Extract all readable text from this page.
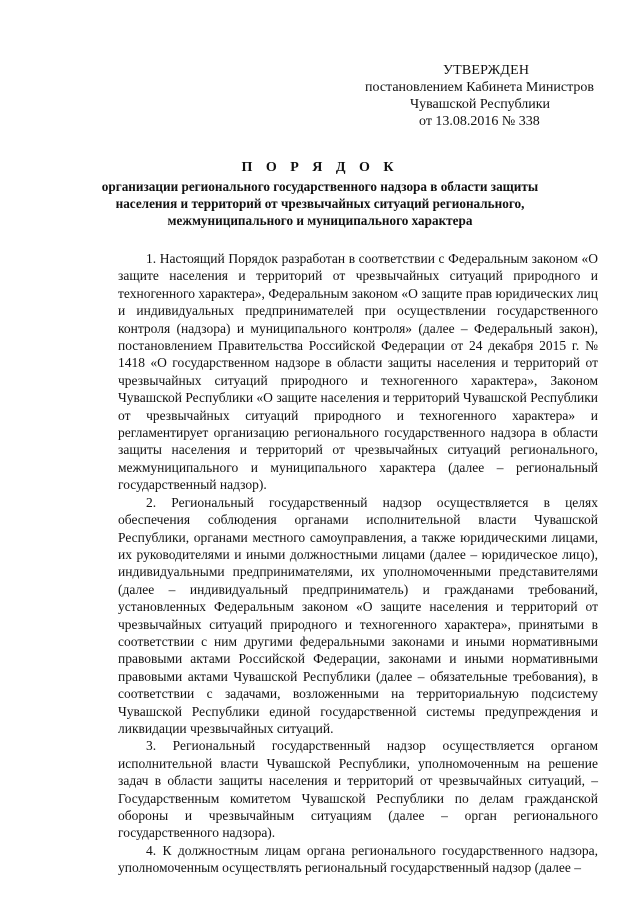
УТВЕРЖДЕН
постановлением Кабинета Министров
Чувашской Республики
от 13.08.2016 № 338
П О Р Я Д О К
организации регионального государственного надзора в области защиты населения и территорий от чрезвычайных ситуаций регионального, межмуниципального и муниципального характера

1. Настоящий Порядок разработан в соответствии с Федеральным законом «О защите населения и территорий от чрезвычайных ситуаций природного и техногенного характера», Федеральным законом «О защите прав юридических лиц и индивидуальных предпринимателей при осуществлении государственного контроля (надзора) и муниципального контроля» (далее – Федеральный закон), постановлением Правительства Российской Федерации от 24 декабря 2015 г. № 1418 «О государственном надзоре в области защиты населения и территорий от чрезвычайных ситуаций природного и техногенного характера», Законом Чувашской Республики «О защите населения и территорий Чувашской Республики от чрезвычайных ситуаций природного и техногенного характера» и регламентирует организацию регионального государственного надзора в области защиты населения и территорий от чрезвычайных ситуаций регионального, межмуниципального и муниципального характера (далее – региональный государственный надзор).

2. Региональный государственный надзор осуществляется в целях обеспечения соблюдения органами исполнительной власти Чувашской Республики, органами местного самоуправления, а также юридическими лицами, их руководителями и иными должностными лицами (далее – юридическое лицо), индивидуальными предпринимателями, их уполномоченными представителями (далее – индивидуальный предприниматель) и гражданами требований, установленных Федеральным законом «О защите населения и территорий от чрезвычайных ситуаций природного и техногенного характера», принятыми в соответствии с ним другими федеральными законами и иными нормативными правовыми актами Российской Федерации, законами и иными нормативными правовыми актами Чувашской Республики (далее – обязательные требования), в соответствии с задачами, возложенными на территориальную подсистему Чувашской Республики единой государственной системы предупреждения и ликвидации чрезвычайных ситуаций.

3. Региональный государственный надзор осуществляется органом исполнительной власти Чувашской Республики, уполномоченным на решение задач в области защиты населения и территорий от чрезвычайных ситуаций, – Государственным комитетом Чувашской Республики по делам гражданской обороны и чрезвычайным ситуациям (далее – орган регионального государственного надзора).

4. К должностным лицам органа регионального государственного надзора, уполномоченным осуществлять региональный государственный надзор (далее –
